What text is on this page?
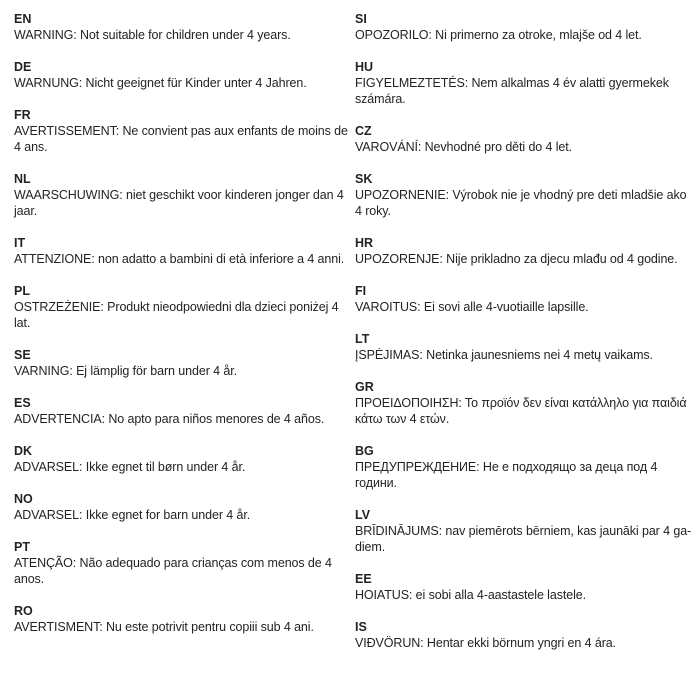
EN
WARNING: Not suitable for children under 4 years.
DE
WARNUNG: Nicht geeignet für Kinder unter 4 Jahren.
FR
AVERTISSEMENT: Ne convient pas aux enfants de moins de
4 ans.
NL
WAARSCHUWING: niet geschikt voor kinderen jonger dan 4
jaar.
IT
ATTENZIONE: non adatto a bambini di età inferiore a 4 anni.
PL
OSTRZEŻENIE: Produkt nieodpowiedni dla dzieci poniżej 4
lat.
SE
VARNING: Ej lämplig för barn under 4 år.
ES
ADVERTENCIA: No apto para niños menores de 4 años.
DK
ADVARSEL: Ikke egnet til børn under 4 år.
NO
ADVARSEL: Ikke egnet for barn under 4 år.
PT
ATENÇÃO: Não adequado para crianças com menos de 4
anos.
RO
AVERTISMENT: Nu este potrivit pentru copiii sub 4 ani.
SI
OPOZORILO: Ni primerno za otroke, mlajše od 4 let.
HU
FIGYELMEZTETÉS: Nem alkalmas 4 év alatti gyermekek
számára.
CZ
VAROVÁNÍ: Nevhodné pro děti do 4 let.
SK
UPOZORNENIE: Výrobok nie je vhodný pre deti mladšie ako
4 roky.
HR
UPOZORENJE: Nije prikladno za djecu mlađu od 4 godine.
FI
VAROITUS: Ei sovi alle 4-vuotiaille lapsille.
LT
ĮSPĖJIMAS: Netinka jaunesniems nei 4 metų vaikams.
GR
ΠΡΟΕΙΔΟΠΟΙΗΣΗ: Το προϊόν δεν είναι κατάλληλο για παιδιά
κάτω των 4 ετών.
BG
ПРЕДУПРЕЖДЕНИЕ: Не е подходящо за деца под 4
години.
LV
BRĪDINĀJUMS: nav piemērots bērniem, kas jaunāki par 4 ga-
diem.
EE
HOIATUS: ei sobi alla 4-aastastele lastele.
IS
VIÐVÖRUN: Hentar ekki börnum yngri en 4 ára.
